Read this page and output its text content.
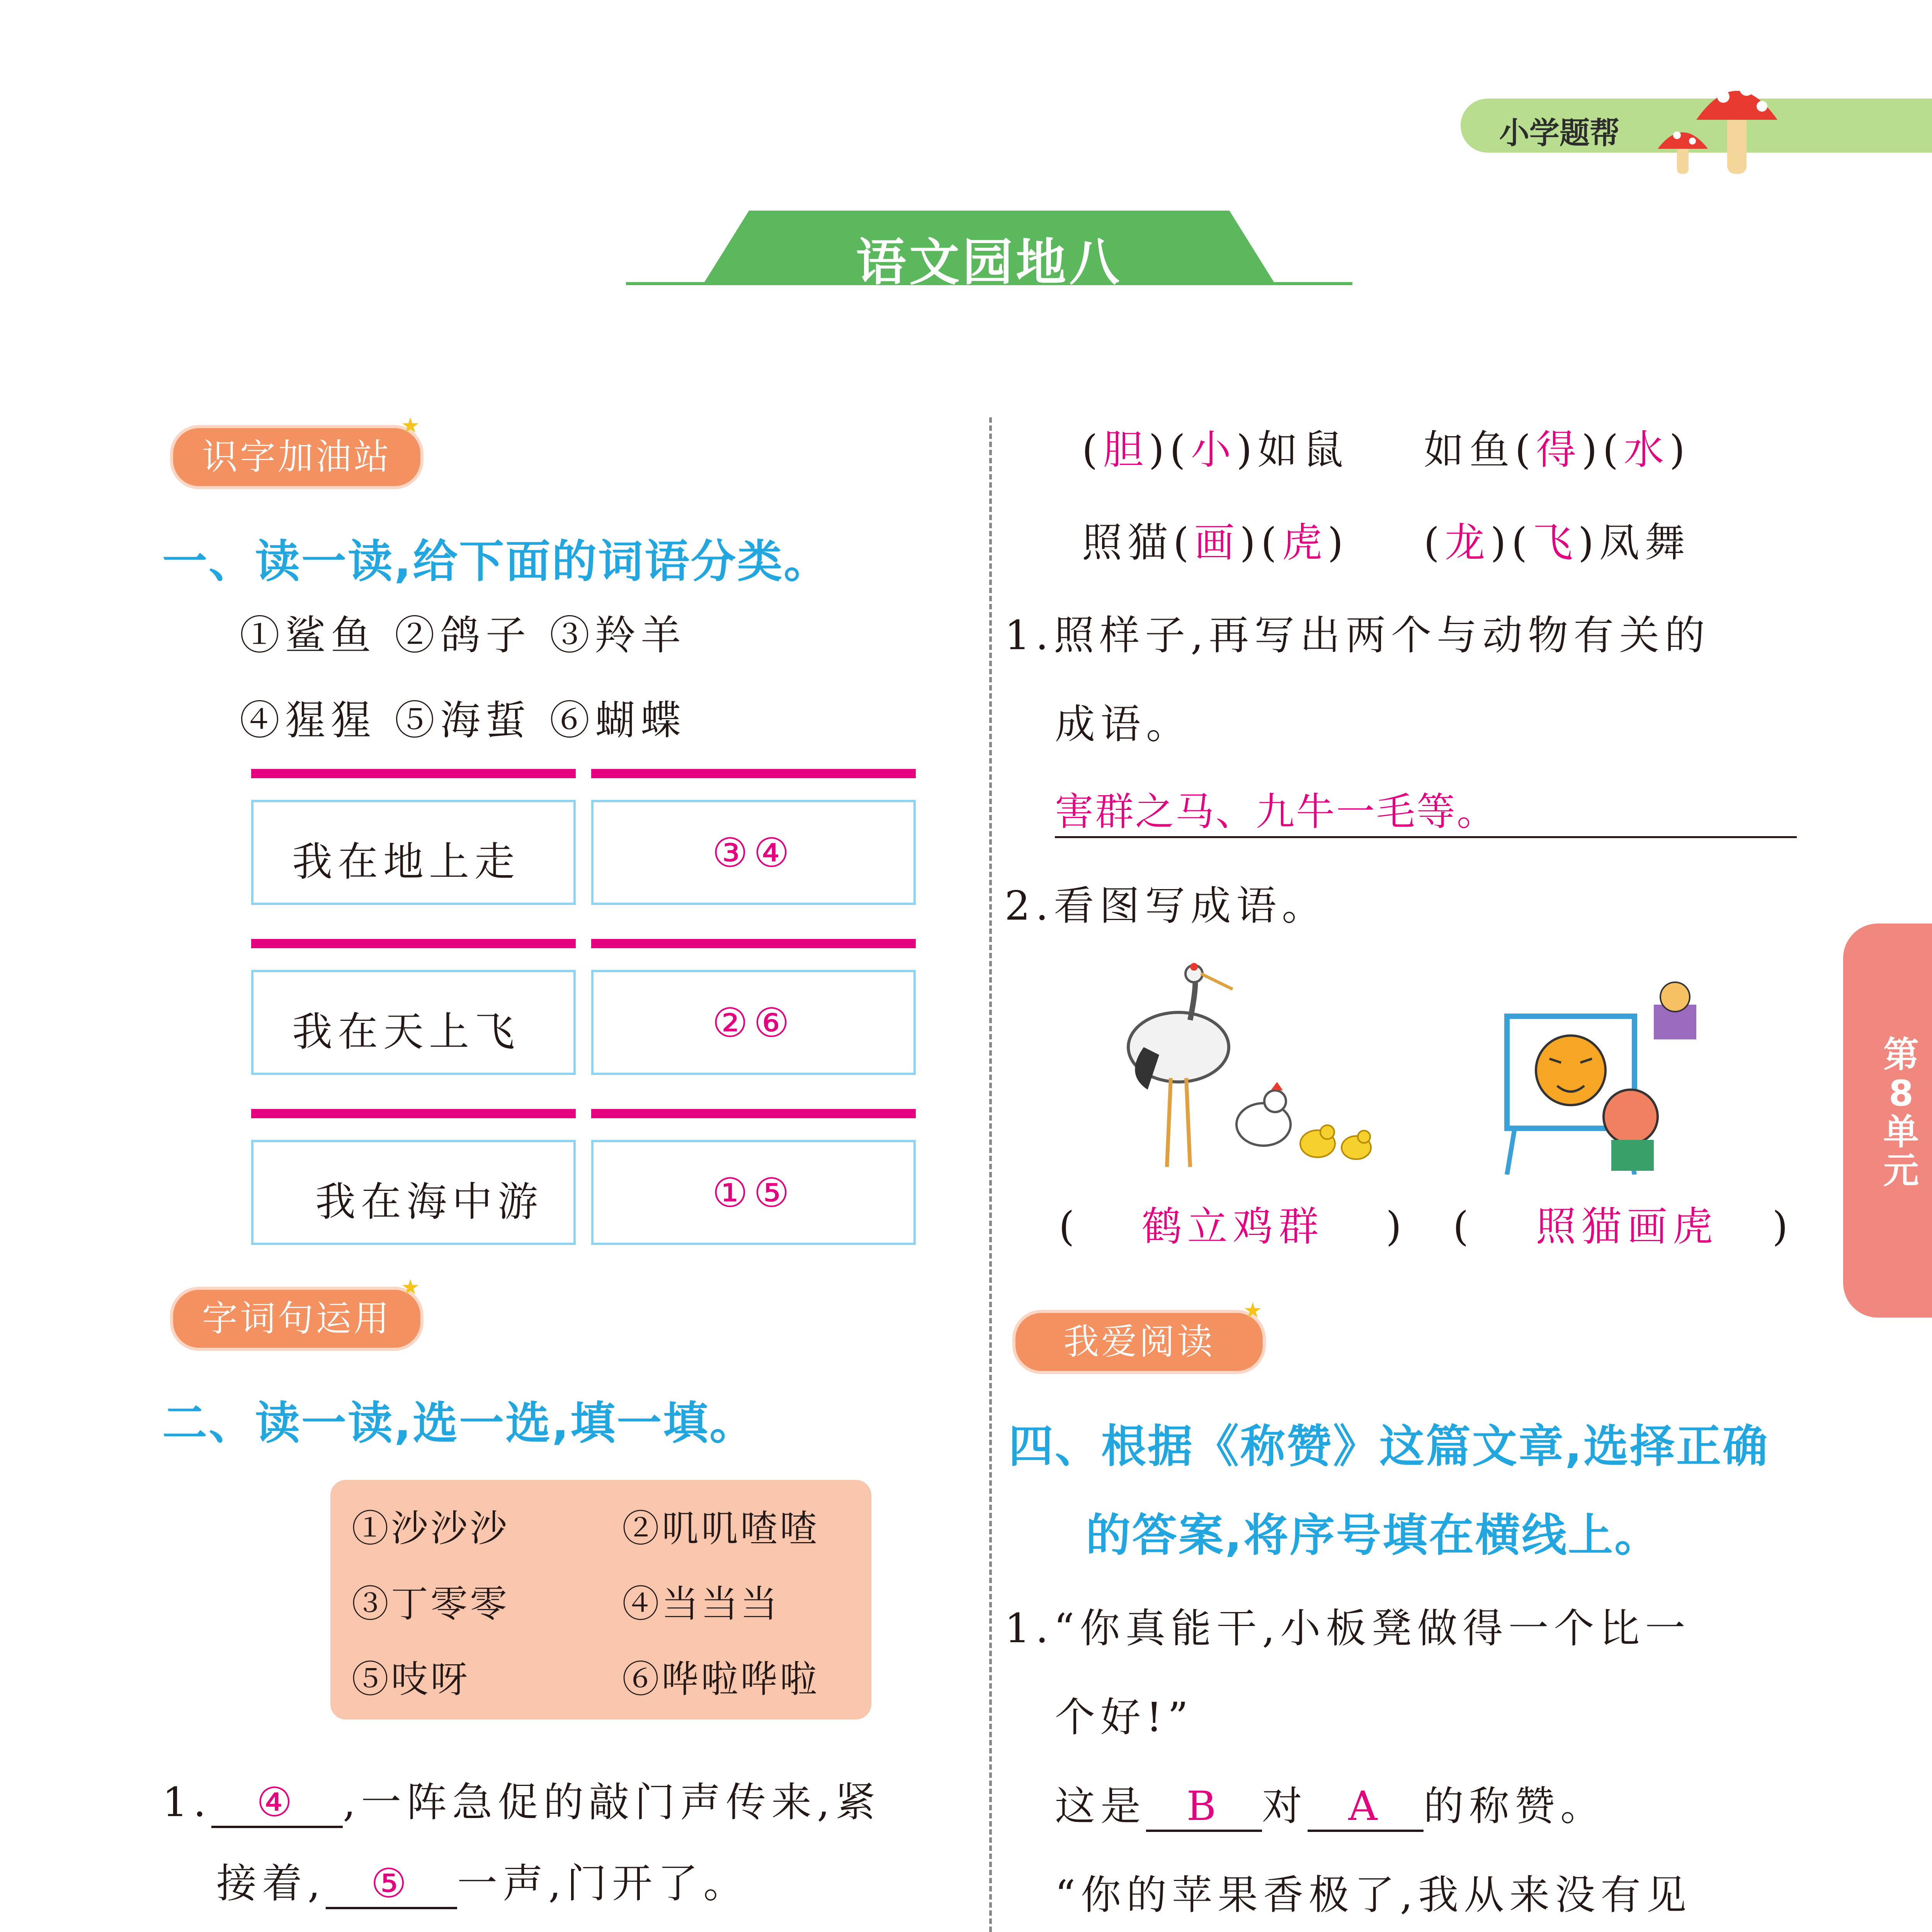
小学题帮
语文园地八
识字加油站
一、读一读,给下面的词语分类。
①鲨鱼 ②鸽子 ③羚羊
④猩猩 ⑤海蜇 ⑥蝴蝶
我在地上走	③④
我在天上飞	②⑥
我在海中游	①⑤
字词句运用
二、读一读,选一选,填一填。
①沙沙沙	②叽叽喳喳
③丁零零	④当当当
⑤吱呀	⑥哗啦哗啦
1. ④ ,一阵急促的敲门声传来,紧
接着, ⑤ 一声,门开了。
(胆)(小)如鼠 如鱼(得)(水)
照猫(画)(虎) (龙)(飞)凤舞
1.照样子,再写出两个与动物有关的
成语。
害群之马、九牛一毛等。
2.看图写成语。
( 鹤立鸡群 ) ( 照猫画虎 )
我爱阅读
四、根据《称赞》这篇文章,选择正确
的答案,将序号填在横线上。
1.“你真能干,小板凳做得一个比一
个好!”
这是 B 对 A 的称赞。
“你的苹果香极了,我从来没有见
第
8
单
元
